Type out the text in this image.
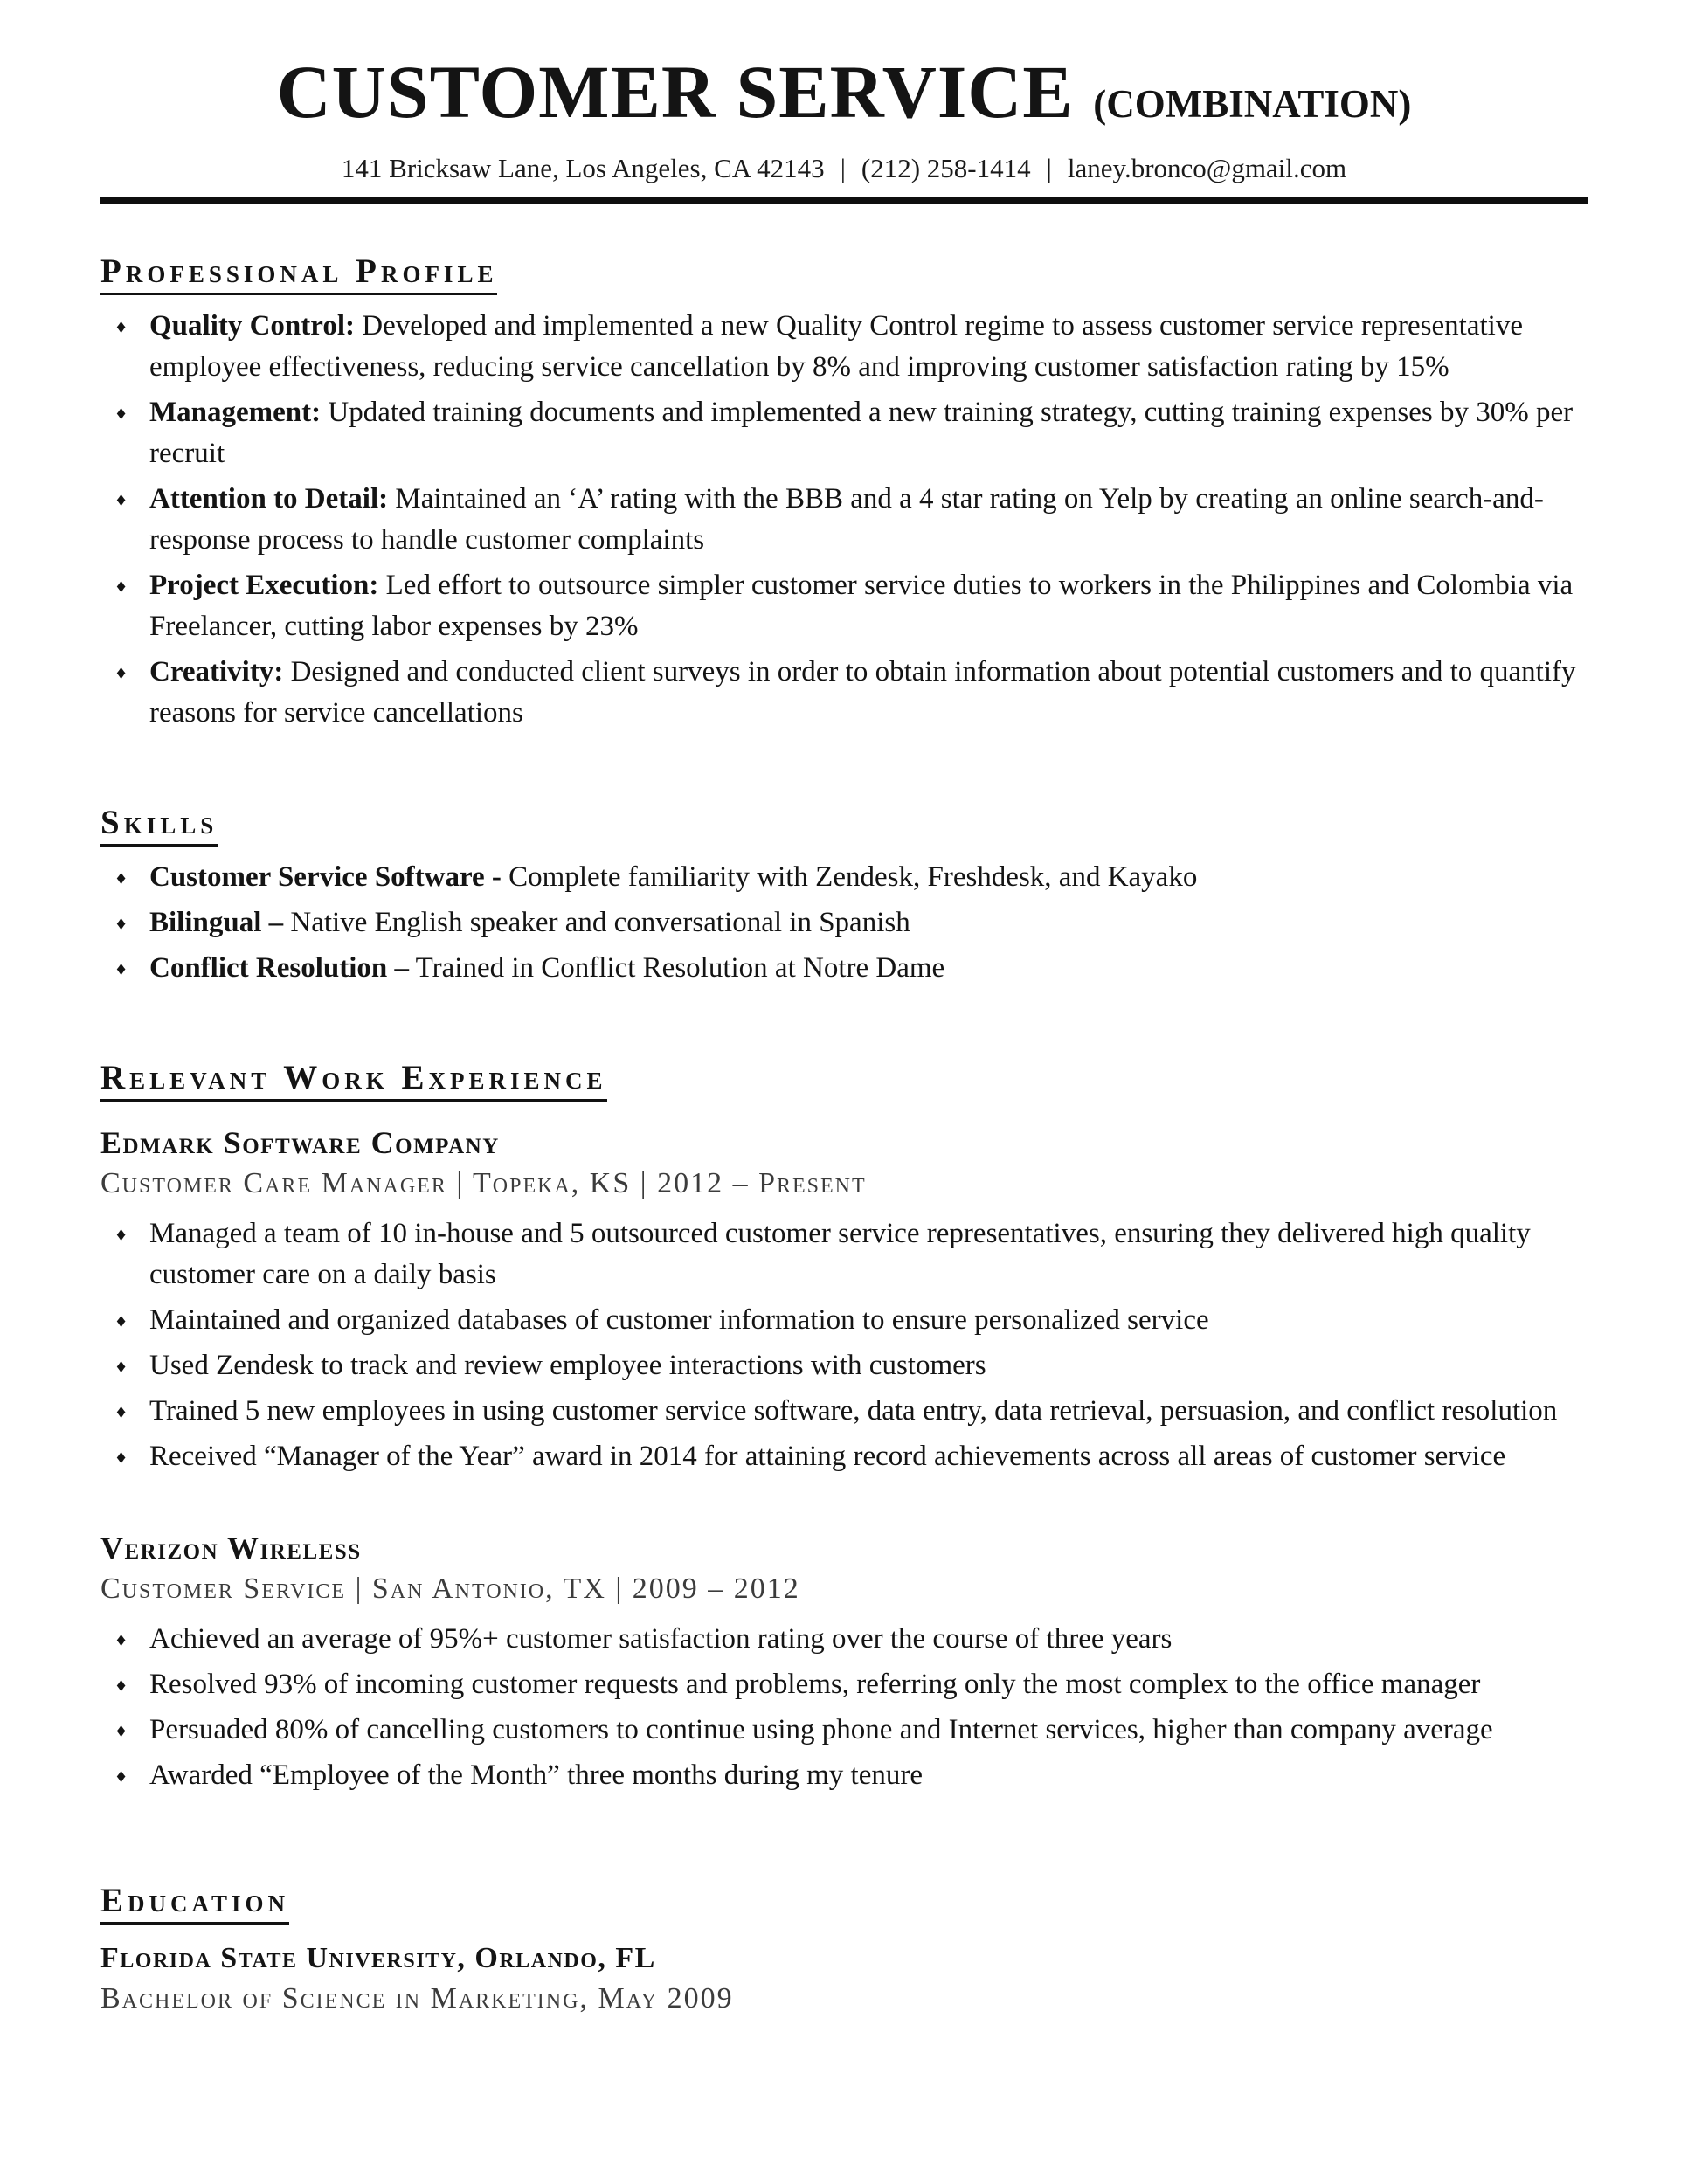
CUSTOMER SERVICE (COMBINATION)
141 Bricksaw Lane, Los Angeles, CA 42143 | (212) 258-1414 | laney.bronco@gmail.com
Professional Profile
♦ Quality Control: Developed and implemented a new Quality Control regime to assess customer service representative employee effectiveness, reducing service cancellation by 8% and improving customer satisfaction rating by 15%
♦ Management: Updated training documents and implemented a new training strategy, cutting training expenses by 30% per recruit
♦ Attention to Detail: Maintained an ‘A’ rating with the BBB and a 4 star rating on Yelp by creating an online search-and-response process to handle customer complaints
♦ Project Execution: Led effort to outsource simpler customer service duties to workers in the Philippines and Colombia via Freelancer, cutting labor expenses by 23%
♦ Creativity: Designed and conducted client surveys in order to obtain information about potential customers and to quantify reasons for service cancellations
Skills
♦ Customer Service Software - Complete familiarity with Zendesk, Freshdesk, and Kayako
♦ Bilingual – Native English speaker and conversational in Spanish
♦ Conflict Resolution – Trained in Conflict Resolution at Notre Dame
Relevant Work Experience
Edmark Software Company
Customer Care Manager | Topeka, KS | 2012 – Present
♦ Managed a team of 10 in-house and 5 outsourced customer service representatives, ensuring they delivered high quality customer care on a daily basis
♦ Maintained and organized databases of customer information to ensure personalized service
♦ Used Zendesk to track and review employee interactions with customers
♦ Trained 5 new employees in using customer service software, data entry, data retrieval, persuasion, and conflict resolution
♦ Received “Manager of the Year” award in 2014 for attaining record achievements across all areas of customer service
Verizon Wireless
Customer Service | San Antonio, TX | 2009 – 2012
♦ Achieved an average of 95%+ customer satisfaction rating over the course of three years
♦ Resolved 93% of incoming customer requests and problems, referring only the most complex to the office manager
♦ Persuaded 80% of cancelling customers to continue using phone and Internet services, higher than company average
♦ Awarded “Employee of the Month” three months during my tenure
Education
Florida State University, Orlando, FL
Bachelor of Science in Marketing, May 2009
